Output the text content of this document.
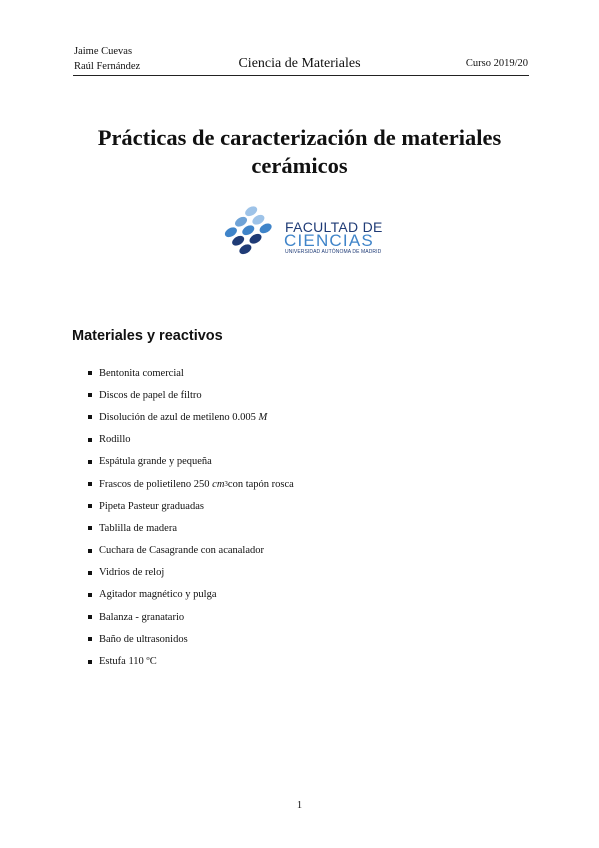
Jaime Cuevas
Raúl Fernández	Ciencia de Materiales	Curso 2019/20
Prácticas de caracterización de materiales cerámicos
FACULTAD DE
CIENCIAS
UNIVERSIDAD AUTÓNOMA DE MADRID
Materiales y reactivos
Bentonita comercial
Discos de papel de filtro
Disolución de azul de metileno 0.005
M
Rodillo
Espátula grande y pequeña
Frascos de polietileno 250
cm 3 con tapón rosca
Pipeta Pasteur graduadas
Tablilla de madera
Cuchara de Casagrande con acanalador
Vidrios de reloj
Agitador magnético y pulga
Balanza - granatario
Baño de ultrasonidos
Estufa 110 ºC
1
